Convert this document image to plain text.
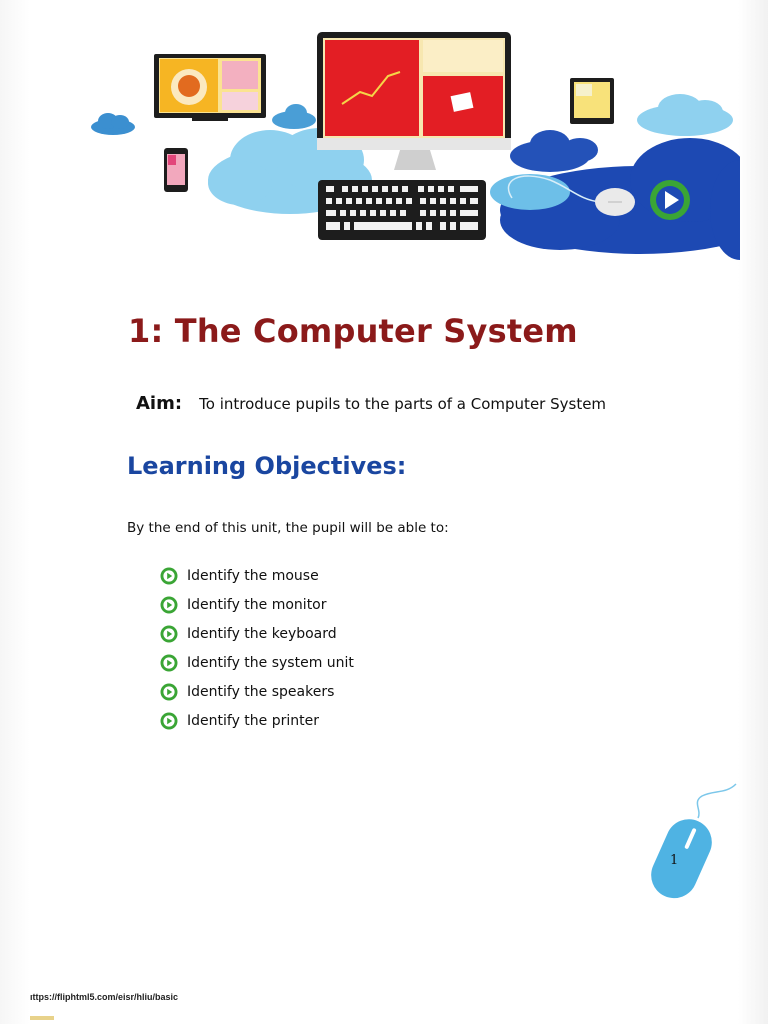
1: The Computer System
Aim: To introduce pupils to the parts of a Computer System
Learning Objectives:
By the end of this unit, the pupil will be able to:
Identify the mouse
Identify the monitor
Identify the keyboard
Identify the system unit
Identify the speakers
Identify the printer
1
ıttps://fliphtml5.com/eisr/hliu/basic
